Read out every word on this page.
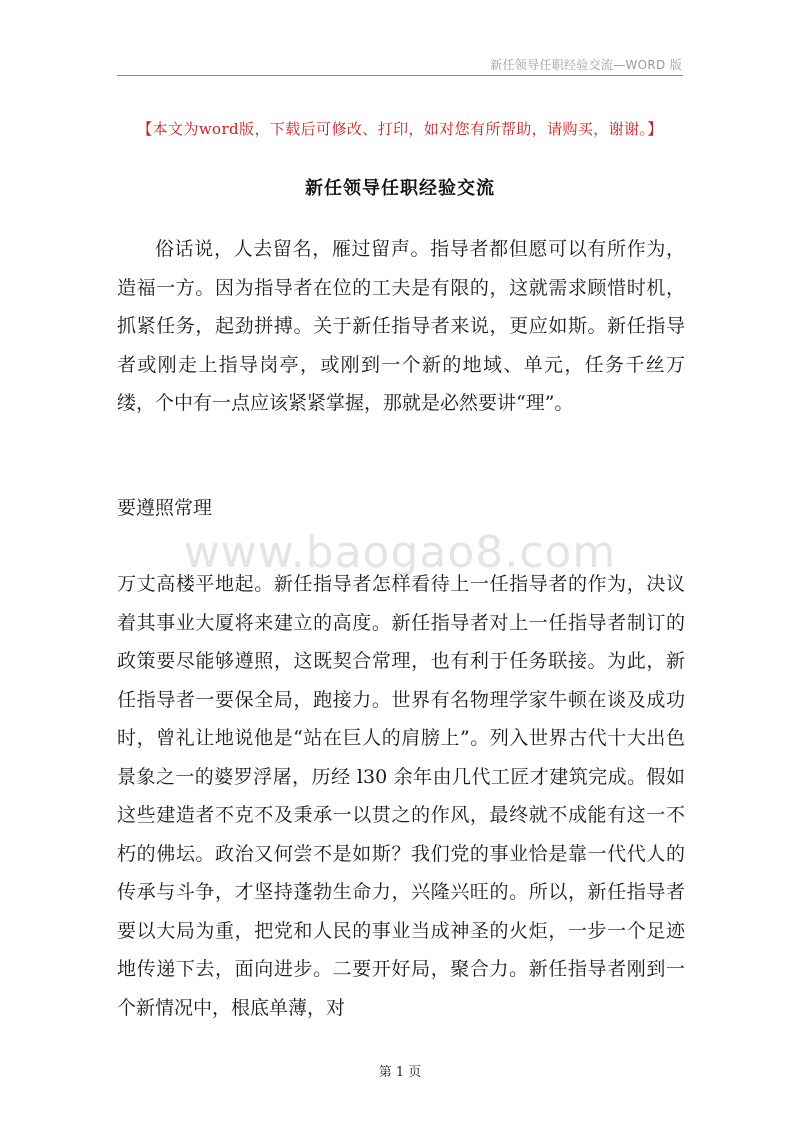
新任领导任职经验交流—WORD 版
【本文为word版，下载后可修改、打印，如对您有所帮助，请购买，谢谢。】
新任领导任职经验交流

俗话说，人去留名，雁过留声。指导者都但愿可以有所作为，造福一方。因为指导者在位的工夫是有限的，这就需求顾惜时机，抓紧任务，起劲拼搏。关于新任指导者来说，更应如斯。新任指导者或刚走上指导岗亭，或刚到一个新的地域、单元，任务千丝万缕，个中有一点应该紧紧掌握，那就是必然要讲“理”。

要遵照常理

www.baogao8.com

万丈高楼平地起。新任指导者怎样看待上一任指导者的作为，决议着其事业大厦将来建立的高度。新任指导者对上一任指导者制订的政策要尽能够遵照，这既契合常理，也有利于任务联接。为此，新任指导者一要保全局，跑接力。世界有名物理学家牛顿在谈及成功时，曾礼让地说他是“站在巨人的肩膀上”。列入世界古代十大出色景象之一的婆罗浮屠，历经 l30 余年由几代工匠才建筑完成。假如这些建造者不克不及秉承一以贯之的作风，最终就不成能有这一不朽的佛坛。政治又何尝不是如斯？我们党的事业恰是靠一代代人的传承与斗争，才坚持蓬勃生命力，兴隆兴旺的。所以，新任指导者要以大局为重，把党和人民的事业当成神圣的火炬，一步一个足迹地传递下去，面向进步。二要开好局，聚合力。新任指导者刚到一个新情况中，根底单薄，对

第 1 页
